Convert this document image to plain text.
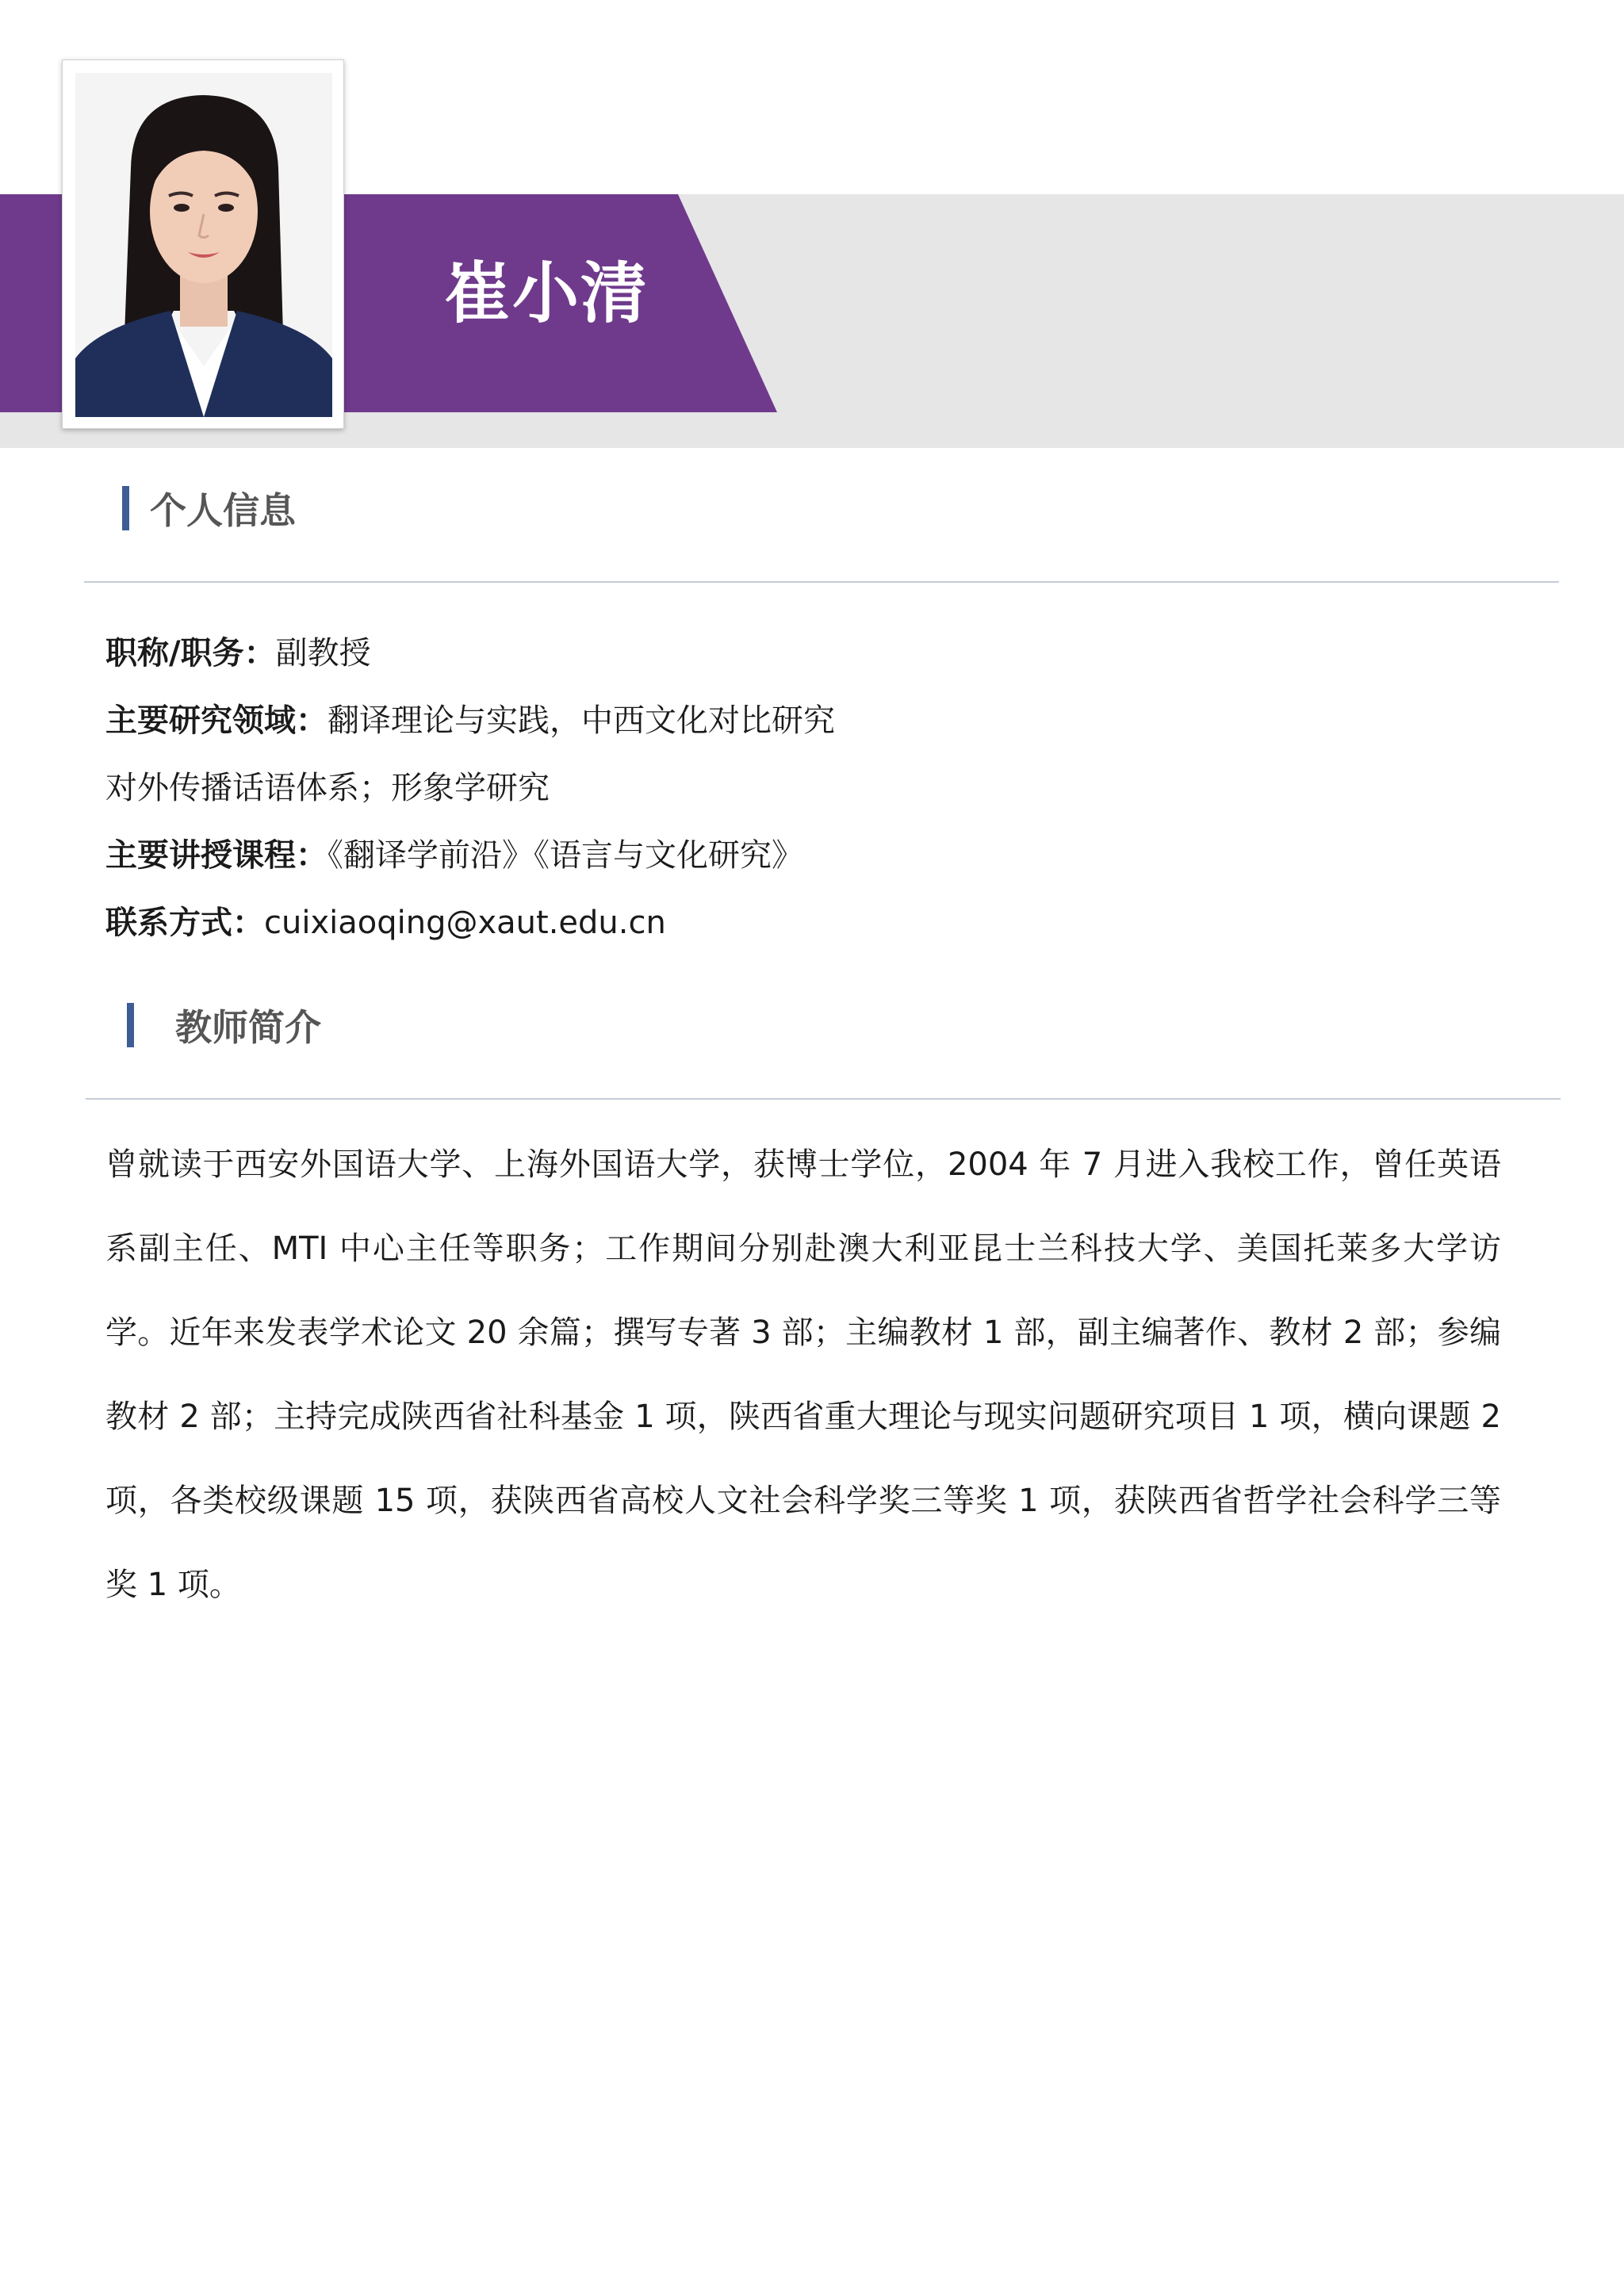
崔小清
个人信息
职称/职务：副教授
主要研究领域：翻译理论与实践，中西文化对比研究
对外传播话语体系；形象学研究
主要讲授课程：《翻译学前沿》《语言与文化研究》
联系方式：cuixiaoqing@xaut.edu.cn
教师简介

曾就读于西安外国语大学、上海外国语大学，获博士学位，2004 年 7 月进入我校工作，曾任英语系副主任、MTI 中心主任等职务；工作期间分别赴澳大利亚昆士兰科技大学、美国托莱多大学访学。近年来发表学术论文 20 余篇；撰写专著 3 部；主编教材 1 部，副主编著作、教材 2 部；参编教材 2 部；主持完成陕西省社科基金 1 项，陕西省重大理论与现实问题研究项目 1 项，横向课题 2 项，各类校级课题 15 项，获陕西省高校人文社会科学奖三等奖 1 项，获陕西省哲学社会科学三等奖 1 项。
